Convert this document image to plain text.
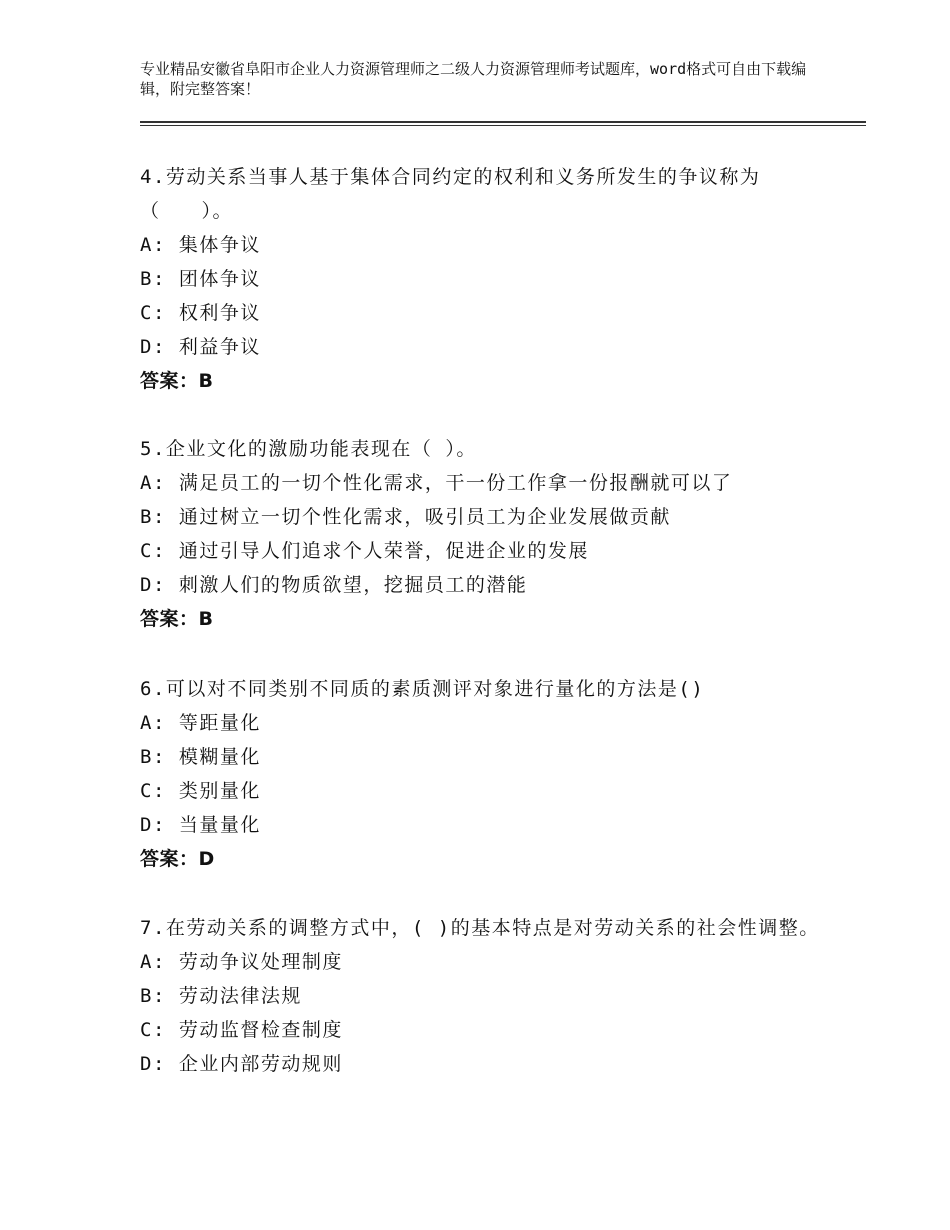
专业精品安徽省阜阳市企业人力资源管理师之二级人力资源管理师考试题库，word格式可自由下载编辑，附完整答案！

4.劳动关系当事人基于集体合同约定的权利和义务所发生的争议称为（　　）。

A: 集体争议

B: 团体争议

C: 权利争议

D: 利益争议

答案：B

5.企业文化的激励功能表现在（ ）。

A: 满足员工的一切个性化需求，干一份工作拿一份报酬就可以了

B: 通过树立一切个性化需求，吸引员工为企业发展做贡献

C: 通过引导人们追求个人荣誉，促进企业的发展

D: 刺激人们的物质欲望，挖掘员工的潜能

答案：B

6.可以对不同类别不同质的素质测评对象进行量化的方法是()

A: 等距量化

B: 模糊量化

C: 类别量化

D: 当量量化

答案：D

7.在劳动关系的调整方式中，( )的基本特点是对劳动关系的社会性调整。

A: 劳动争议处理制度

B: 劳动法律法规

C: 劳动监督检查制度

D: 企业内部劳动规则
